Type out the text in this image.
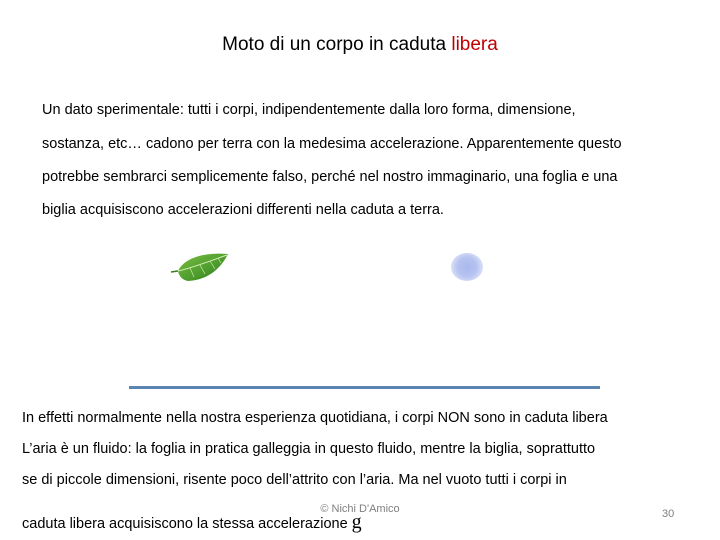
Moto di un corpo in caduta libera
Un dato sperimentale: tutti i corpi, indipendentemente dalla loro forma, dimensione,
sostanza, etc… cadono per terra con la medesima accelerazione. Apparentemente questo
potrebbe sembrarci semplicemente falso, perché nel nostro immaginario, una foglia e una
biglia acquisiscono accelerazioni differenti nella caduta a terra.
In effetti normalmente nella nostra esperienza quotidiana, i corpi NON sono in caduta libera
L’aria è un fluido: la foglia in pratica galleggia in questo fluido, mentre la biglia, soprattutto
se di piccole dimensioni, risente poco dell’attrito con l’aria. Ma nel vuoto tutti i corpi in
© Nichi D'Amico	30
caduta libera acquisiscono la stessa accelerazione g
